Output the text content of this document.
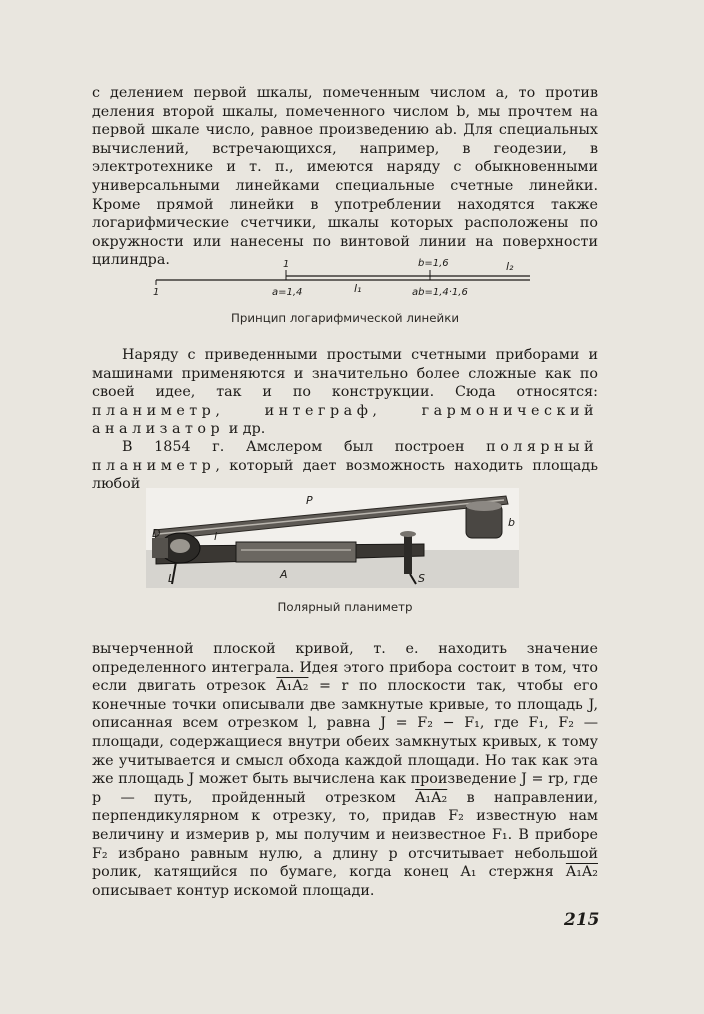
с делением первой шкалы, помеченным числом a, то против деления второй шкалы, помеченного числом b, мы прочтем на первой шкале число, равное произведению ab. Для специальных вычислений, встречающихся, например, в геодезии, в электротехнике и т. п., имеются наряду с обыкновенными универсальными линейками специальные счетные линейки. Кроме прямой линейки в употреблении находятся также логарифмические счетчики, шкалы которых расположены по окружности или нанесены по винтовой линии на поверхности цилиндра.	1	b=1,6	l₂
1	a=1,4	l₁	ab=1,4·1,6

Принцип логарифмической линейки

Наряду с приведенными простыми счетными приборами и машинами применяются и значительно более сложные как по своей идее, так и по конструкции. Сюда относятся: планиметр, интеграф, гармонический анализатор и др.

В 1854 г. Амслером был построен полярный планиметр, который дает возможность находить площадь любой

P
b
D	l
L	A	S

Полярный планиметр

вычерченной плоской кривой, т. е. находить значение определенного интеграла. Идея этого прибора состоит в том, что если двигать отрезок A₁A₂ = r по плоскости так, чтобы его конечные точки описывали две замкнутые кривые, то площадь J, описанная всем отрезком l, равна J = F₂ − F₁, где F₁, F₂ — площади, содержащиеся внутри обеих замкнутых кривых, к тому же учитывается и смысл обхода каждой площади. Но так как эта же площадь J может быть вычислена как произведение J = rp, где p — путь, пройденный отрезком A₁A₂ в направлении, перпендикулярном к отрезку, то, придав F₂ известную нам величину и измерив p, мы получим и неизвестное F₁. В приборе F₂ избрано равным нулю, а длину p отсчитывает небольшой ролик, катящийся по бумаге, когда конец A₁ стержня A₁A₂ описывает контур искомой площади.

215
